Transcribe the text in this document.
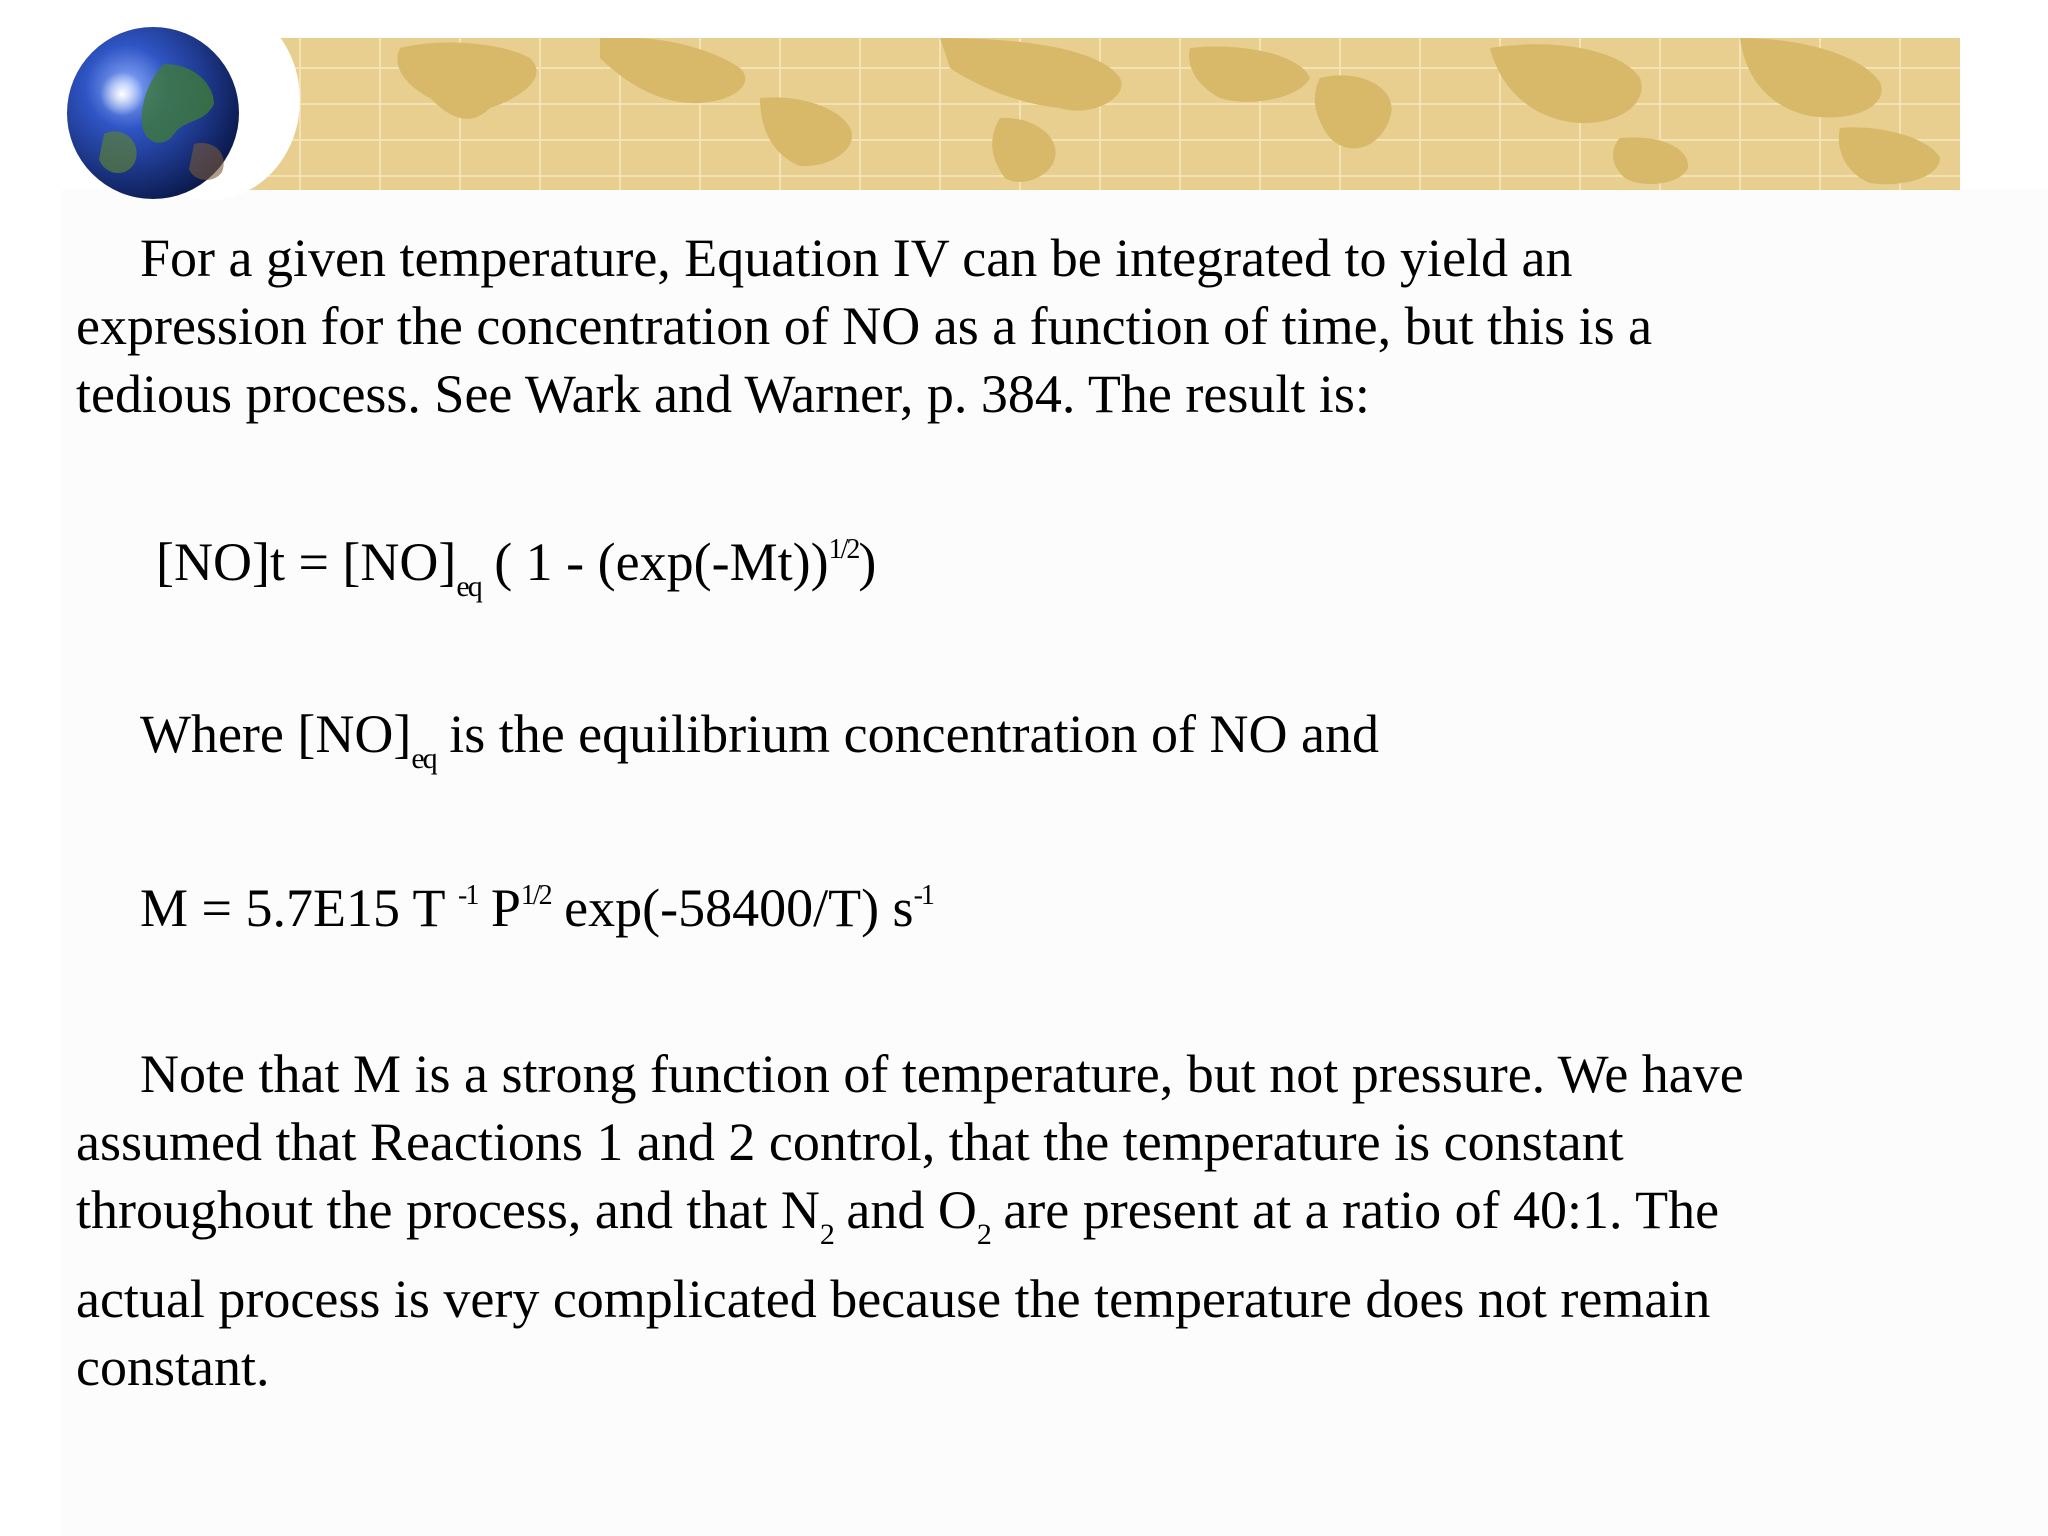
For a given temperature, Equation IV can be integrated to yield an
expression for the concentration of NO as a function of time, but this is a
tedious process. See Wark and Warner, p. 384. The result is:
$[NO]t = [NO]_{eq}$ ( $1 - (\exp(-Mt))^{1/2}$)
Where $[NO]_{eq}$ is the equilibrium concentration of NO and
M = 5.7E15 T $^{-1}$ $P^{1/2}$ exp(-58400/T) $s^{-1}$
Note that M is a strong function of temperature, but not pressure. We have
assumed that Reactions 1 and 2 control, that the temperature is constant
throughout the process, and that $N_2$ and $O_2$ are present at a ratio of 40:1. The
actual process is very complicated because the temperature does not remain
constant.
